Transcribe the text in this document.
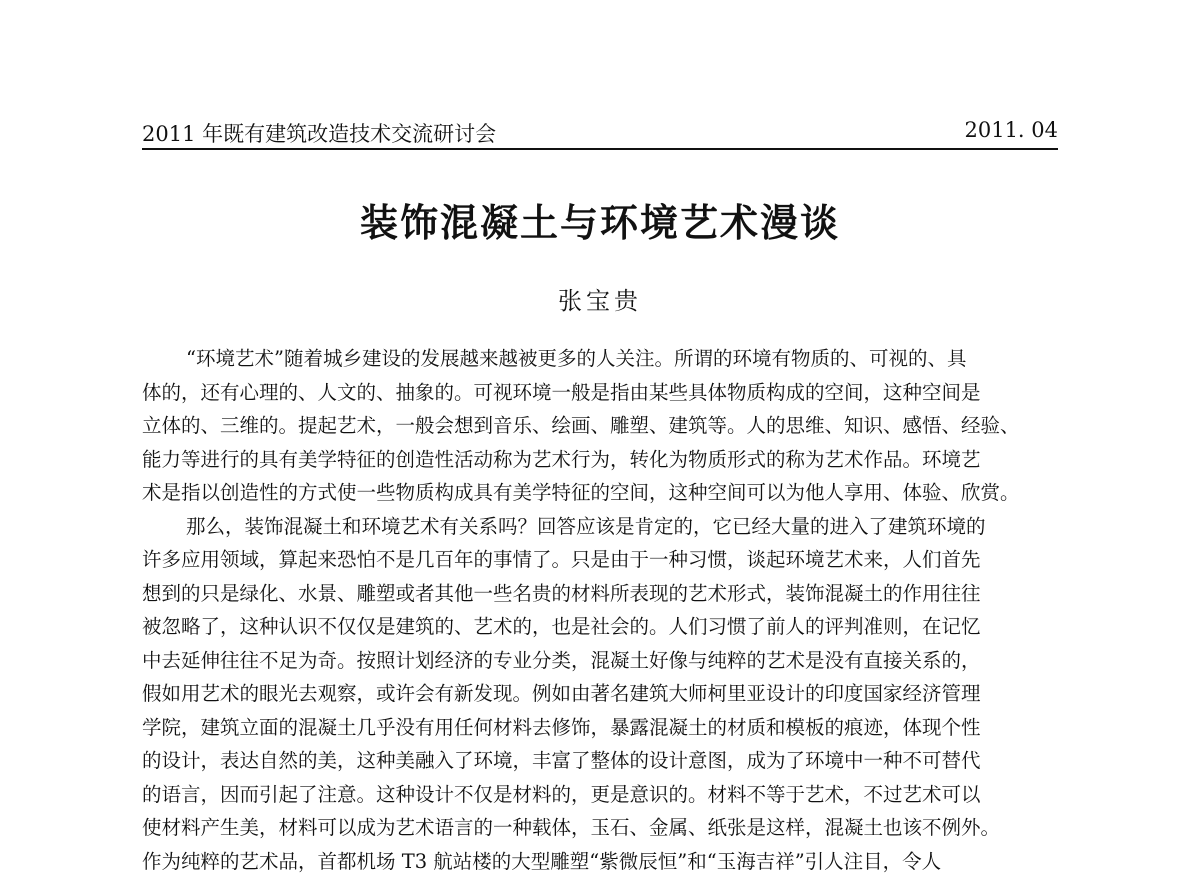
2011 年既有建筑改造技术交流研讨会	2011. 04
装饰混凝土与环境艺术漫谈
张宝贵
“环境艺术”随着城乡建设的发展越来越被更多的人关注。所谓的环境有物质的、可视的、具
体的，还有心理的、人文的、抽象的。可视环境一般是指由某些具体物质构成的空间，这种空间是
立体的、三维的。提起艺术，一般会想到音乐、绘画、雕塑、建筑等。人的思维、知识、感悟、经验、
能力等进行的具有美学特征的创造性活动称为艺术行为，转化为物质形式的称为艺术作品。环境艺
术是指以创造性的方式使一些物质构成具有美学特征的空间，这种空间可以为他人享用、体验、欣赏。
那么，装饰混凝土和环境艺术有关系吗？回答应该是肯定的，它已经大量的进入了建筑环境的
许多应用领域，算起来恐怕不是几百年的事情了。只是由于一种习惯，谈起环境艺术来，人们首先
想到的只是绿化、水景、雕塑或者其他一些名贵的材料所表现的艺术形式，装饰混凝土的作用往往
被忽略了，这种认识不仅仅是建筑的、艺术的，也是社会的。人们习惯了前人的评判准则，在记忆
中去延伸往往不足为奇。按照计划经济的专业分类，混凝土好像与纯粹的艺术是没有直接关系的，
假如用艺术的眼光去观察，或许会有新发现。例如由著名建筑大师柯里亚设计的印度国家经济管理
学院，建筑立面的混凝土几乎没有用任何材料去修饰，暴露混凝土的材质和模板的痕迹，体现个性
的设计，表达自然的美，这种美融入了环境，丰富了整体的设计意图，成为了环境中一种不可替代
的语言，因而引起了注意。这种设计不仅是材料的，更是意识的。材料不等于艺术，不过艺术可以
使材料产生美，材料可以成为艺术语言的一种载体，玉石、金属、纸张是这样，混凝土也该不例外。
作为纯粹的艺术品，首都机场 T3 航站楼的大型雕塑“紫微辰恒”和“玉海吉祥”引人注目，令人
